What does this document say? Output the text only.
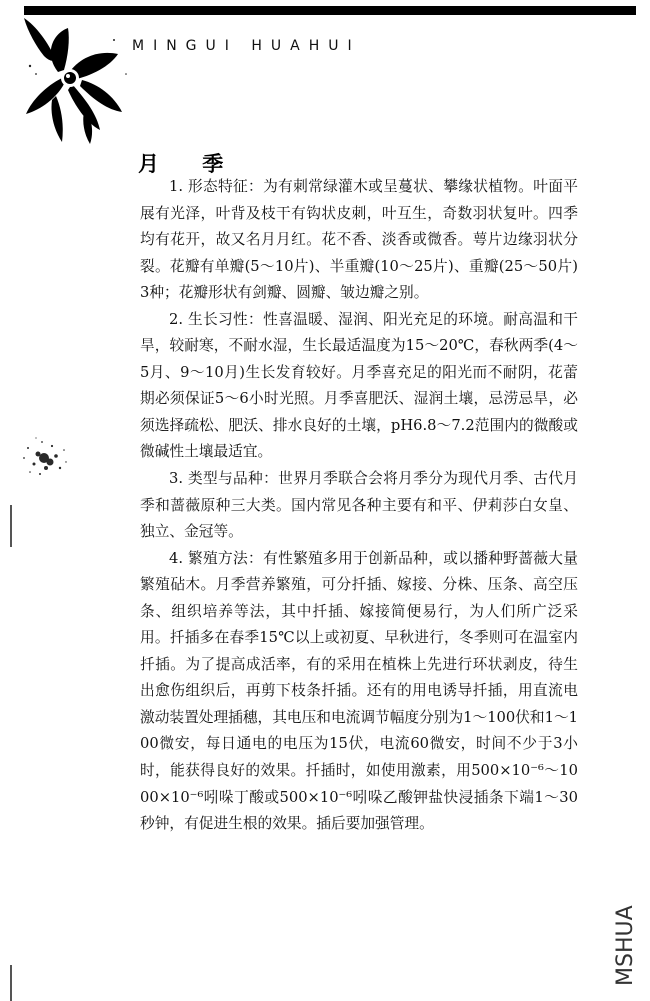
MINGUI HUAHUI
月 季

1. 形态特征：为有刺常绿灌木或呈蔓状、攀缘状植物。叶面平展有光泽，叶背及枝干有钩状皮刺，叶互生，奇数羽状复叶。四季均有花开，故又名月月红。花不香、淡香或微香。萼片边缘羽状分裂。花瓣有单瓣(5～10片)、半重瓣(10～25片)、重瓣(25～50片)3种；花瓣形状有剑瓣、圆瓣、皱边瓣之别。

2. 生长习性：性喜温暖、湿润、阳光充足的环境。耐高温和干旱，较耐寒，不耐水湿，生长最适温度为15～20℃，春秋两季(4～5月、9～10月)生长发育较好。月季喜充足的阳光而不耐阴，花蕾期必须保证5～6小时光照。月季喜肥沃、湿润土壤，忌涝忌旱，必须选择疏松、肥沃、排水良好的土壤，pH6.8～7.2范围内的微酸或微碱性土壤最适宜。

3. 类型与品种：世界月季联合会将月季分为现代月季、古代月季和蔷薇原种三大类。国内常见各种主要有和平、伊莉莎白女皇、独立、金冠等。

4. 繁殖方法：有性繁殖多用于创新品种，或以播种野蔷薇大量繁殖砧木。月季营养繁殖，可分扦插、嫁接、分株、压条、高空压条、组织培养等法，其中扦插、嫁接简便易行，为人们所广泛采用。扦插多在春季15℃以上或初夏、早秋进行，冬季则可在温室内扦插。为了提高成活率，有的采用在植株上先进行环状剥皮，待生出愈伤组织后，再剪下枝条扦插。还有的用电诱导扦插，用直流电激动装置处理插穗，其电压和电流调节幅度分别为1～100伏和1～100微安，每日通电的电压为15伏，电流60微安，时间不少于3小时，能获得良好的效果。扦插时，如使用激素，用500×10⁻⁶～1000×10⁻⁶吲哚丁酸或500×10⁻⁶吲哚乙酸钾盐快浸插条下端1～30秒钟，有促进生根的效果。插后要加强管理。

MSHUA
